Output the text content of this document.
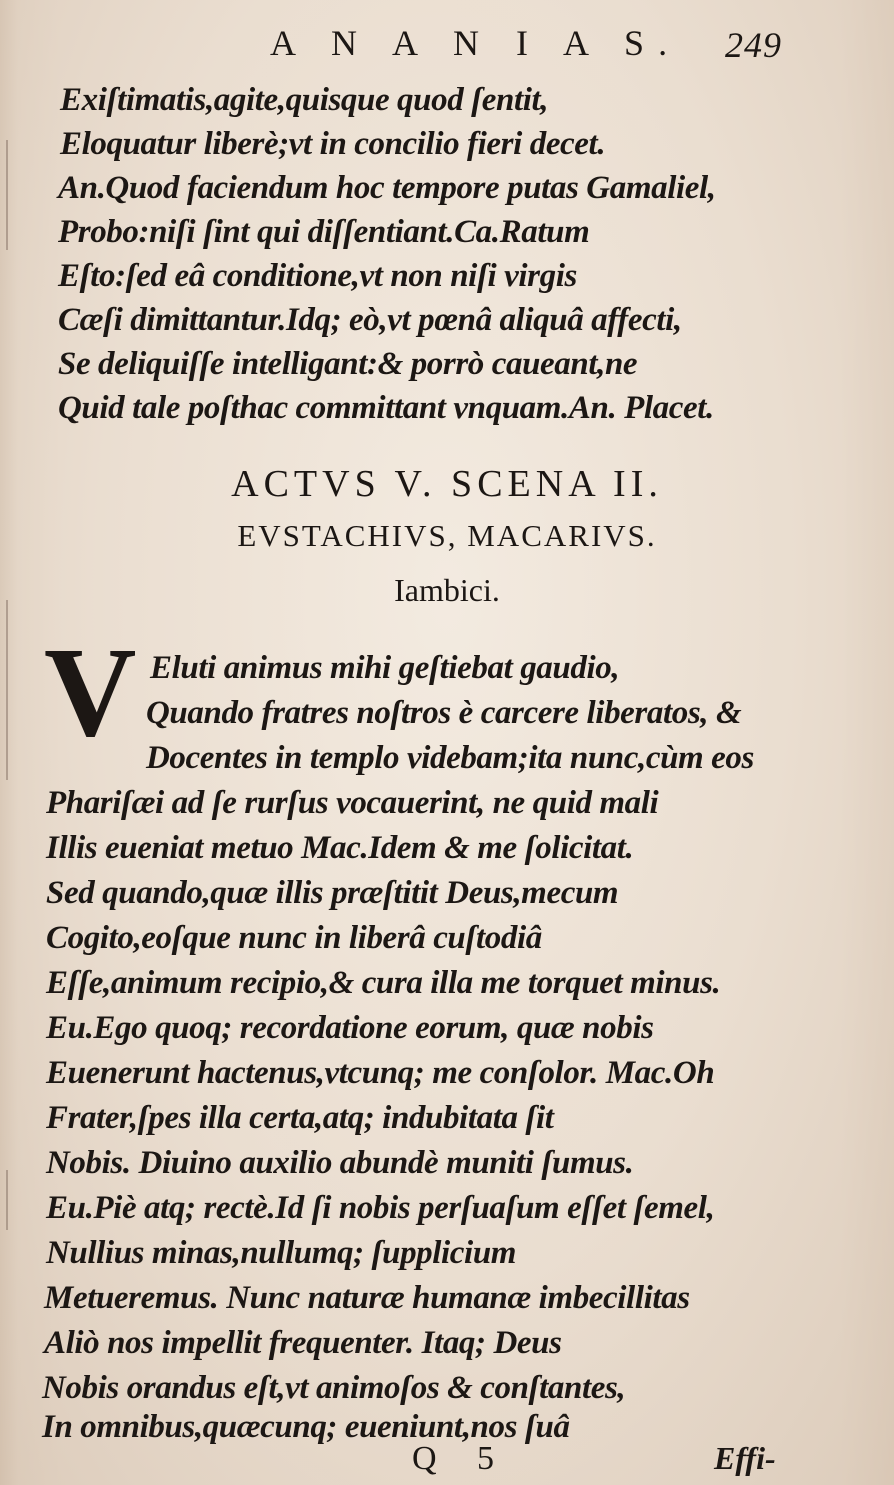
A N A N I A S. 249
Exiſtimatis,agite,quisque quod ſentit,
Eloquatur liberè;vt in concilio fieri decet.
An.Quod faciendum hoc tempore putas Gamaliel,
Probo:niſi ſint qui diſſentiant.Ca.Ratum
Eſto:ſed eâ conditione,vt non niſi virgis
Cæſi dimittantur.Idq; eò,vt pœnâ aliquâ affecti,
Se deliquiſſe intelligant:& porrò caueant,ne
Quid tale poſthac committant vnquam.An. Placet.
ACTVS V. SCENA II.
EVSTACHIVS, MACARIVS.
Iambici.
V Eluti animus mihi geſtiebat gaudio,
Quando fratres noſtros è carcere liberatos, &
Docentes in templo videbam;ita nunc,cùm eos
Phariſæi ad ſe rurſus vocauerint, ne quid mali
Illis eueniat metuo Mac.Idem & me ſolicitat.
Sed quando,quæ illis præſtitit Deus,mecum
Cogito,eoſque nunc in liberâ cuſtodiâ
Eſſe,animum recipio,& cura illa me torquet minus.
Eu.Ego quoq; recordatione eorum, quæ nobis
Euenerunt hactenus,vtcunq; me conſolor. Mac.Oh
Frater,ſpes illa certa,atq; indubitata ſit
Nobis. Diuino auxilio abundè muniti ſumus.
Eu.Piè atq; rectè.Id ſi nobis perſuaſum eſſet ſemel,
Nullius minas,nullumq; ſupplicium
Metueremus. Nunc naturæ humanæ imbecillitas
Aliò nos impellit frequenter. Itaq; Deus
Nobis orandus eſt,vt animoſos & conſtantes,
In omnibus,quæcunq; eueniunt,nos ſuâ
Q 5	Effi-
